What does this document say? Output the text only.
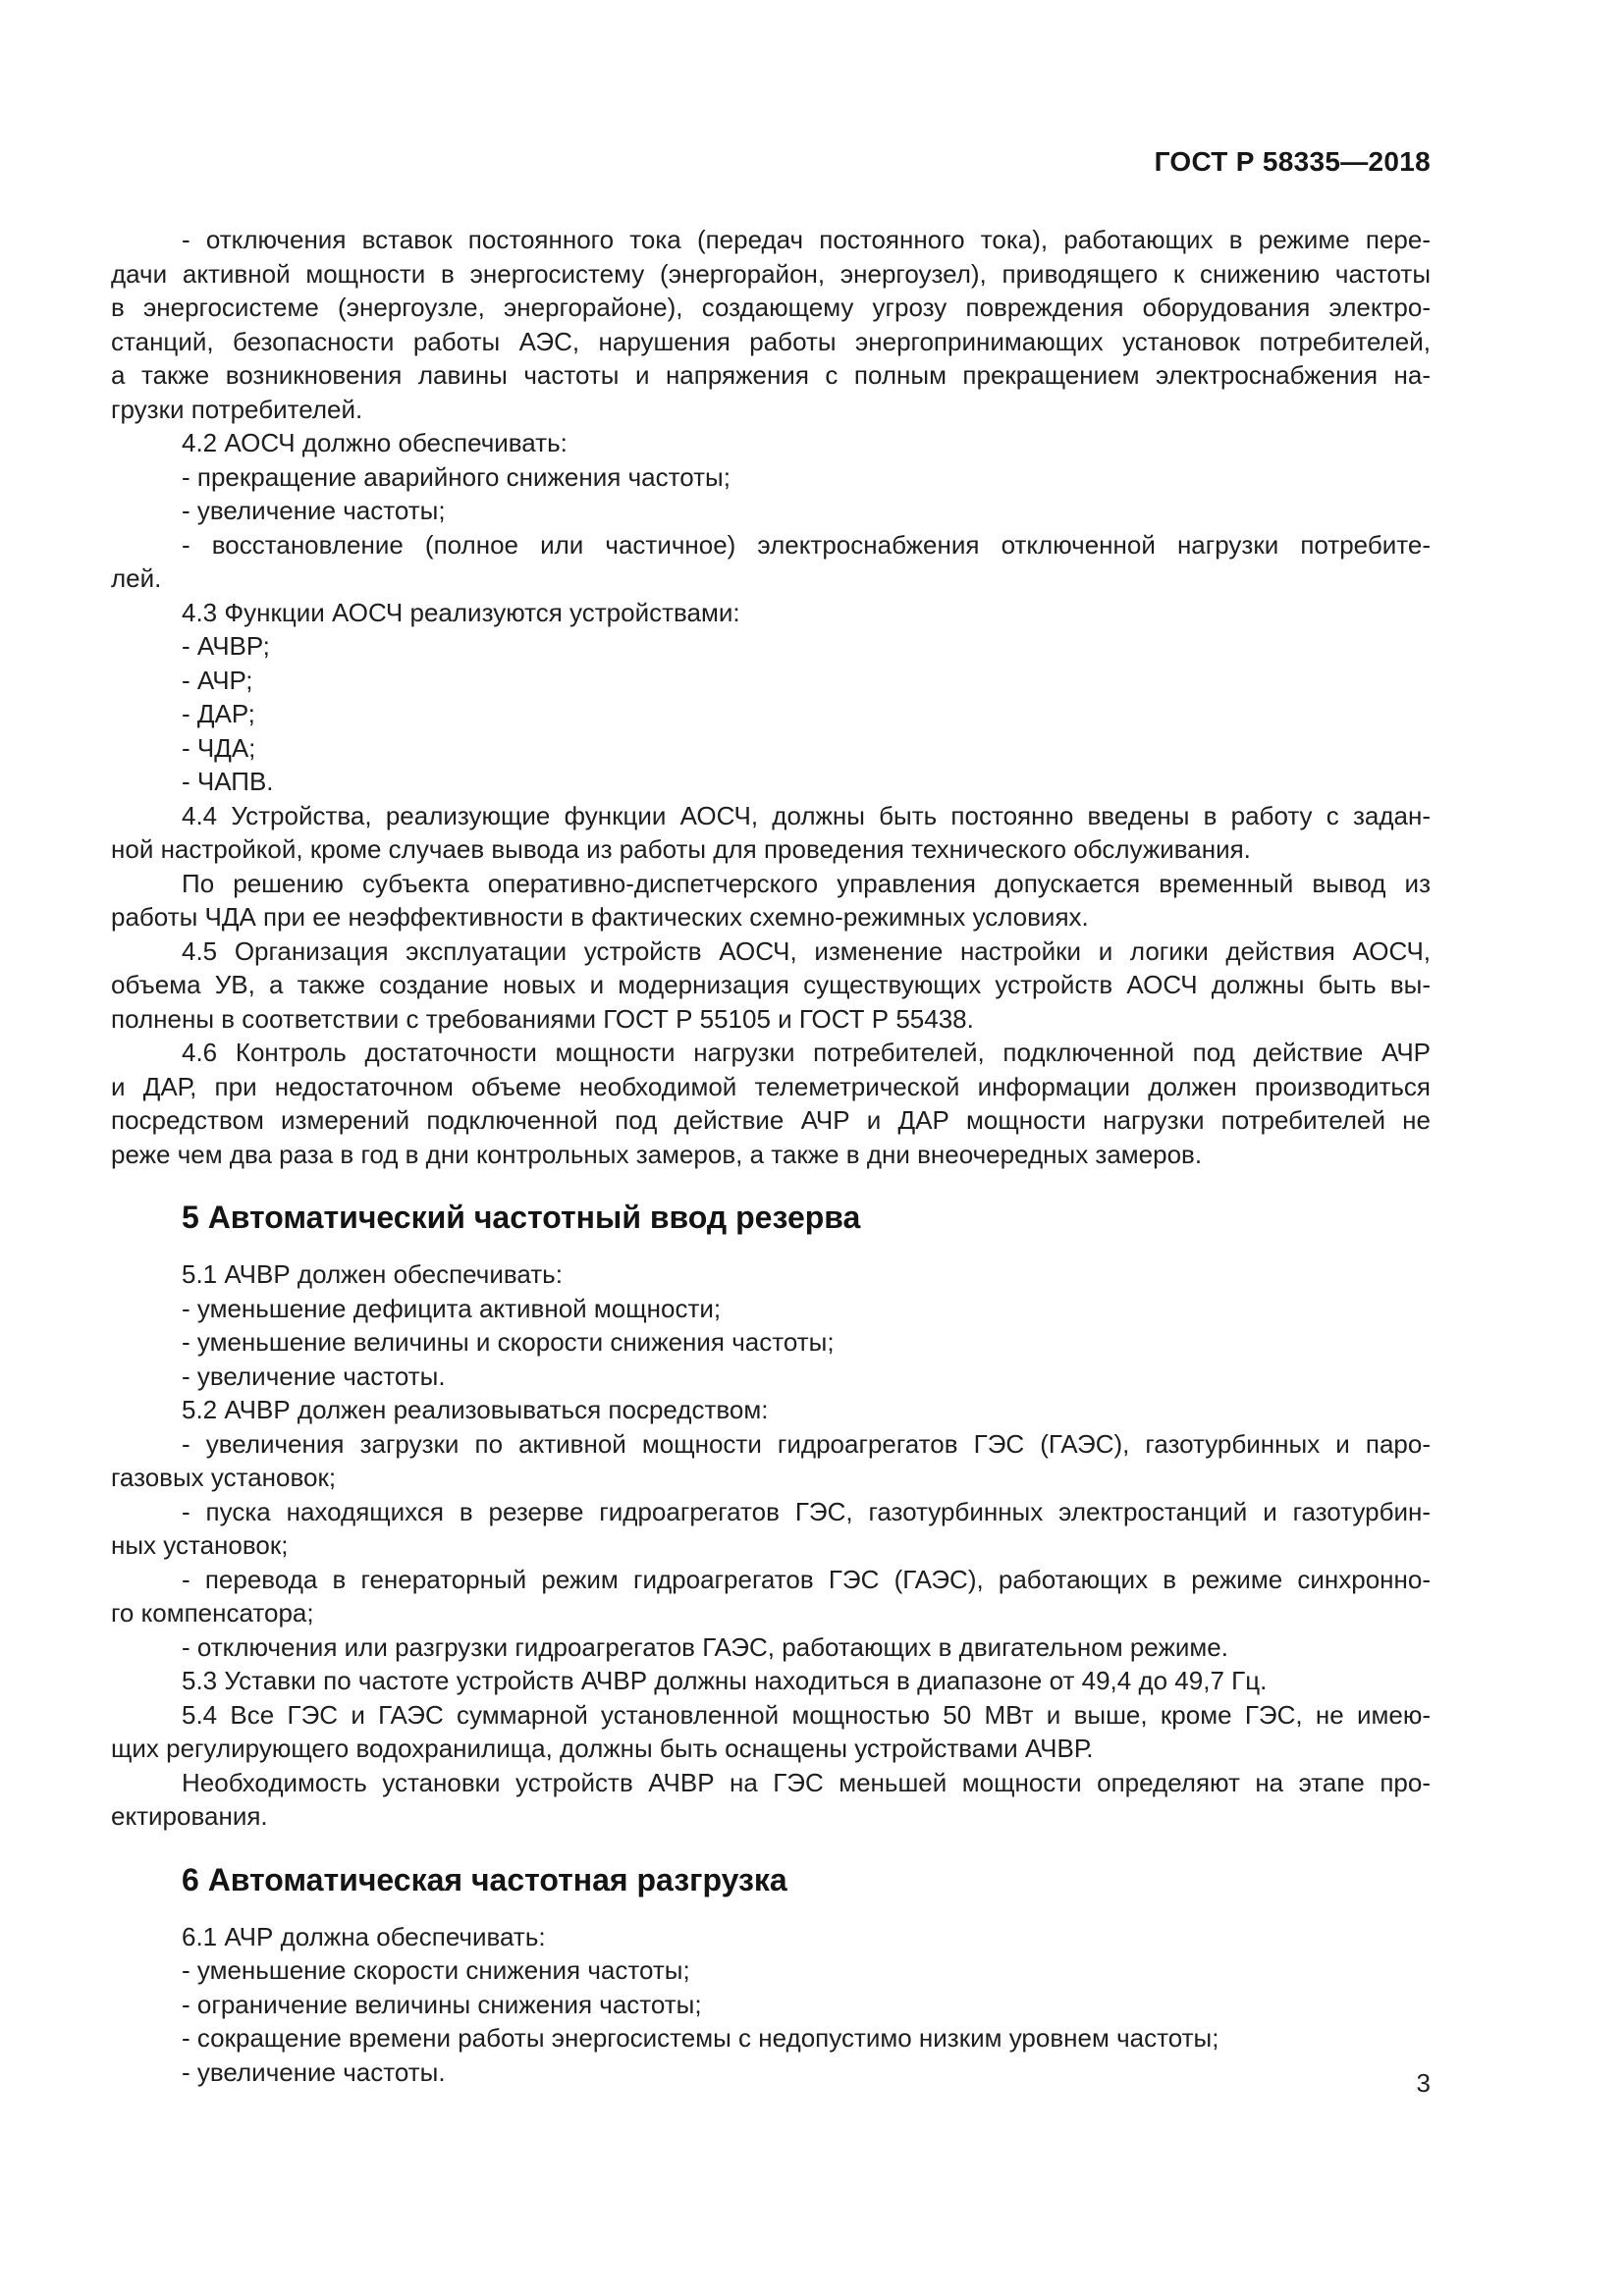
ГОСТ Р 58335—2018

- отключения вставок постоянного тока (передач постоянного тока), работающих в режиме пере-
дачи активной мощности в энергосистему (энергорайон, энергоузел), приводящего к снижению частоты
в энергосистеме (энергоузле, энергорайоне), создающему угрозу повреждения оборудования электро-
станций, безопасности работы АЭС, нарушения работы энергопринимающих установок потребителей,
а также возникновения лавины частоты и напряжения с полным прекращением электроснабжения на-
грузки потребителей.

4.2 АОСЧ должно обеспечивать:

- прекращение аварийного снижения частоты;

- увеличение частоты;

- восстановление (полное или частичное) электроснабжения отключенной нагрузки потребите-
лей.

4.3 Функции АОСЧ реализуются устройствами:

- АЧВР;

- АЧР;

- ДАР;

- ЧДА;

- ЧАПВ.

4.4 Устройства, реализующие функции АОСЧ, должны быть постоянно введены в работу с задан-
ной настройкой, кроме случаев вывода из работы для проведения технического обслуживания.

По решению субъекта оперативно-диспетчерского управления допускается временный вывод из
работы ЧДА при ее неэффективности в фактических схемно-режимных условиях.

4.5 Организация эксплуатации устройств АОСЧ, изменение настройки и логики действия АОСЧ,
объема УВ, а также создание новых и модернизация существующих устройств АОСЧ должны быть вы-
полнены в соответствии с требованиями ГОСТ Р 55105 и ГОСТ Р 55438.

4.6 Контроль достаточности мощности нагрузки потребителей, подключенной под действие АЧР
и ДАР, при недостаточном объеме необходимой телеметрической информации должен производиться
посредством измерений подключенной под действие АЧР и ДАР мощности нагрузки потребителей не
реже чем два раза в год в дни контрольных замеров, а также в дни внеочередных замеров.

5 Автоматический частотный ввод резерва

5.1 АЧВР должен обеспечивать:

- уменьшение дефицита активной мощности;

- уменьшение величины и скорости снижения частоты;

- увеличение частоты.

5.2 АЧВР должен реализовываться посредством:

- увеличения загрузки по активной мощности гидроагрегатов ГЭС (ГАЭС), газотурбинных и паро-
газовых установок;

- пуска находящихся в резерве гидроагрегатов ГЭС, газотурбинных электростанций и газотурбин-
ных установок;

- перевода в генераторный режим гидроагрегатов ГЭС (ГАЭС), работающих в режиме синхронно-
го компенсатора;

- отключения или разгрузки гидроагрегатов ГАЭС, работающих в двигательном режиме.

5.3 Уставки по частоте устройств АЧВР должны находиться в диапазоне от 49,4 до 49,7 Гц.

5.4 Все ГЭС и ГАЭС суммарной установленной мощностью 50 МВт и выше, кроме ГЭС, не имею-
щих регулирующего водохранилища, должны быть оснащены устройствами АЧВР.

Необходимость установки устройств АЧВР на ГЭС меньшей мощности определяют на этапе про-
ектирования.

6 Автоматическая частотная разгрузка

6.1 АЧР должна обеспечивать:

- уменьшение скорости снижения частоты;

- ограничение величины снижения частоты;

- сокращение времени работы энергосистемы с недопустимо низким уровнем частоты;

- увеличение частоты.	3
